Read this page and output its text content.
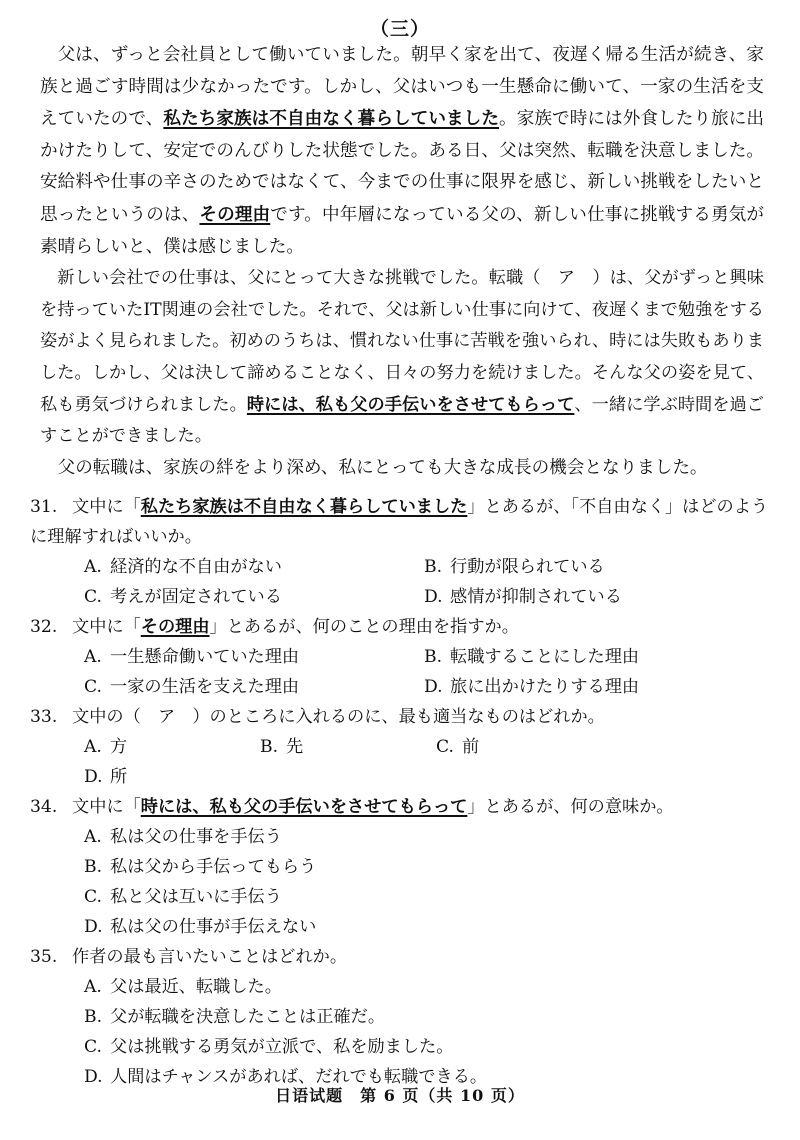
（三）

父は、ずっと会社員として働いていました。朝早く家を出て、夜遅く帰る生活が続き、家族と過ごす時間は少なかったです。しかし、父はいつも一生懸命に働いて、一家の生活を支えていたので、私たち家族は不自由なく暮らしていました。家族で時には外食したり旅に出かけたりして、安定でのんびりした状態でした。ある日、父は突然、転職を決意しました。安給料や仕事の辛さのためではなくて、今までの仕事に限界を感じ、新しい挑戦をしたいと思ったというのは、その理由です。中年層になっている父の、新しい仕事に挑戦する勇気が素晴らしいと、僕は感じました。

新しい会社での仕事は、父にとって大きな挑戦でした。転職（　ア　）は、父がずっと興味を持っていたIT関連の会社でした。それで、父は新しい仕事に向けて、夜遅くまで勉強をする姿がよく見られました。初めのうちは、慣れない仕事に苦戦を強いられ、時には失敗もありました。しかし、父は決して諦めることなく、日々の努力を続けました。そんな父の姿を見て、私も勇気づけられました。時には、私も父の手伝いをさせてもらって、一緒に学ぶ時間を過ごすことができました。

父の転職は、家族の絆をより深め、私にとっても大きな成長の機会となりました。

31. 文中に「私たち家族は不自由なく暮らしていました」とあるが、「不自由なく」はどのように理解すればいいか。

A. 経済的な不自由がない	B. 行動が限られている
C. 考えが固定されている	D. 感情が抑制されている

32. 文中に「その理由」とあるが、何のことの理由を指すか。

A. 一生懸命働いていた理由	B. 転職することにした理由
C. 一家の生活を支えた理由	D. 旅に出かけたりする理由

33. 文中の（　ア　）のところに入れるのに、最も適当なものはどれか。

A. 方	B. 先	C. 前
D. 所

34. 文中に「時には、私も父の手伝いをさせてもらって」とあるが、何の意味か。

A. 私は父の仕事を手伝う
B. 私は父から手伝ってもらう
C. 私と父は互いに手伝う
D. 私は父の仕事が手伝えない

35. 作者の最も言いたいことはどれか。

A. 父は最近、転職した。
B. 父が転職を決意したことは正確だ。
C. 父は挑戦する勇気が立派で、私を励ました。
D. 人間はチャンスがあれば、だれでも転職できる。
日语试题　第 6 页（共 10 页）
